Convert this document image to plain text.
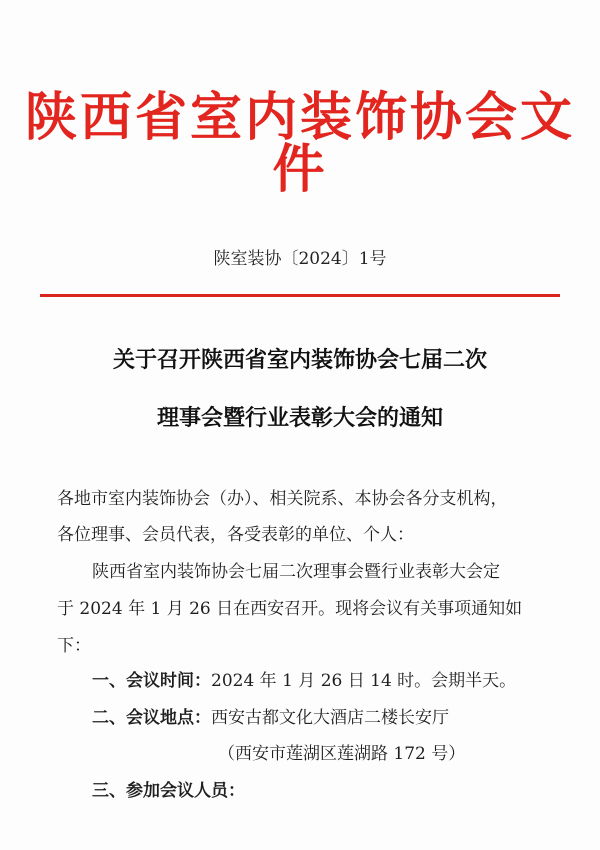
陕西省室内装饰协会文件
陕室装协〔2024〕1号
关于召开陕西省室内装饰协会七届二次
理事会暨行业表彰大会的通知
各地市室内装饰协会（办）、相关院系、本协会各分支机构，
各位理事、会员代表，各受表彰的单位、个人：
陕西省室内装饰协会七届二次理事会暨行业表彰大会定
于 2024 年 1 月 26 日在西安召开。现将会议有关事项通知如
下：
一、会议时间：2024 年 1 月 26 日 14 时。会期半天。
二、会议地点：西安古都文化大酒店二楼长安厅
（西安市莲湖区莲湖路 172 号）
三、参加会议人员：
